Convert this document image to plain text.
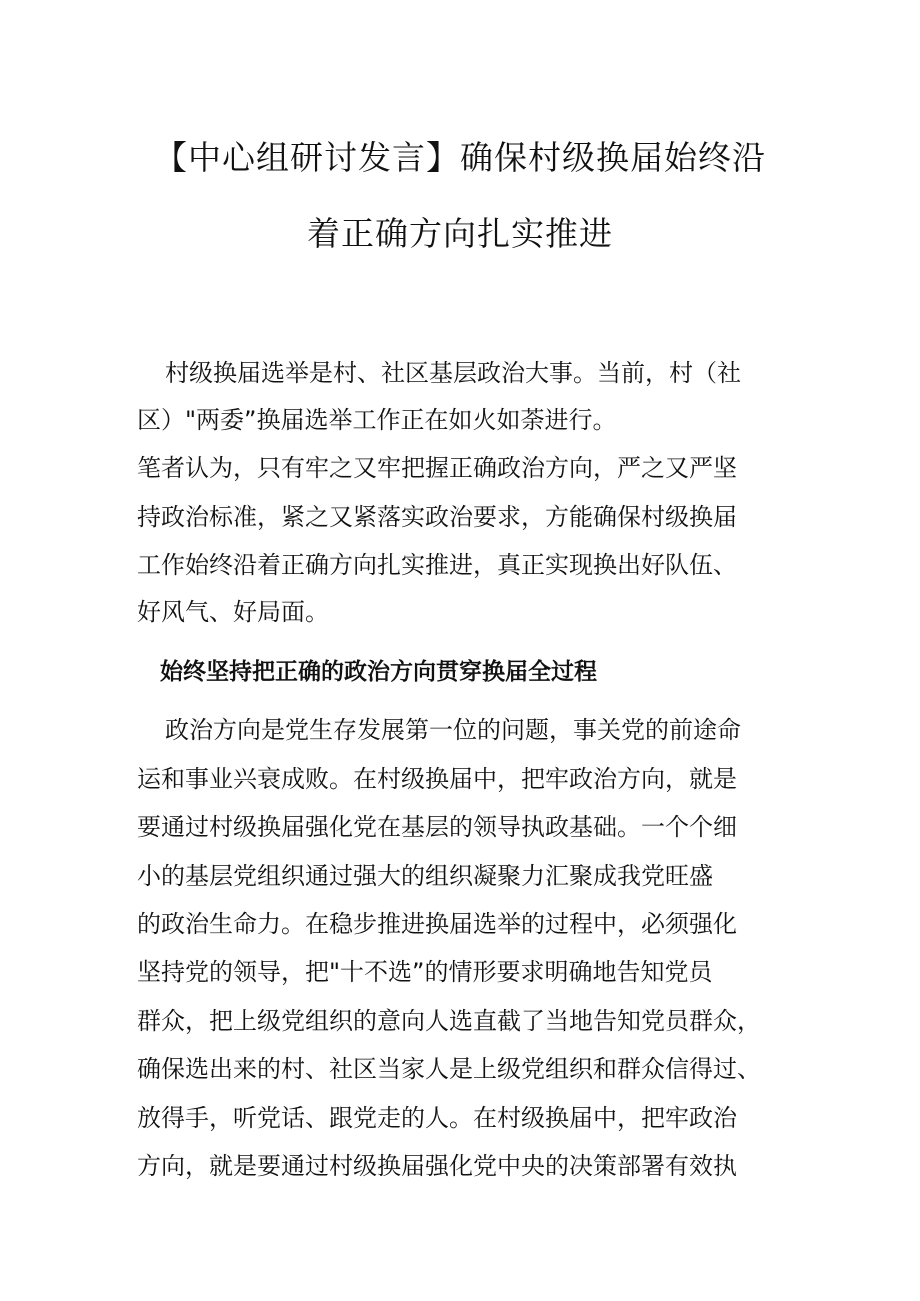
【中心组研讨发言】确保村级换届始终沿
着正确方向扎实推进

村级换届选举是村、社区基层政治大事。当前，村（社

区）"两委”换届选举工作正在如火如荼进行。

笔者认为，只有牢之又牢把握正确政治方向，严之又严坚

持政治标准，紧之又紧落实政治要求，方能确保村级换届

工作始终沿着正确方向扎实推进，真正实现换出好队伍、

好风气、好局面。

始终坚持把正确的政治方向贯穿换届全过程

政治方向是党生存发展第一位的问题，事关党的前途命

运和事业兴衰成败。在村级换届中，把牢政治方向，就是

要通过村级换届强化党在基层的领导执政基础。一个个细

小的基层党组织通过强大的组织凝聚力汇聚成我党旺盛

的政治生命力。在稳步推进换届选举的过程中，必须强化

坚持党的领导，把"十不选”的情形要求明确地告知党员

群众，把上级党组织的意向人选直截了当地告知党员群众，

确保选出来的村、社区当家人是上级党组织和群众信得过、

放得手，听党话、跟党走的人。在村级换届中，把牢政治

方向，就是要通过村级换届强化党中央的决策部署有效执
